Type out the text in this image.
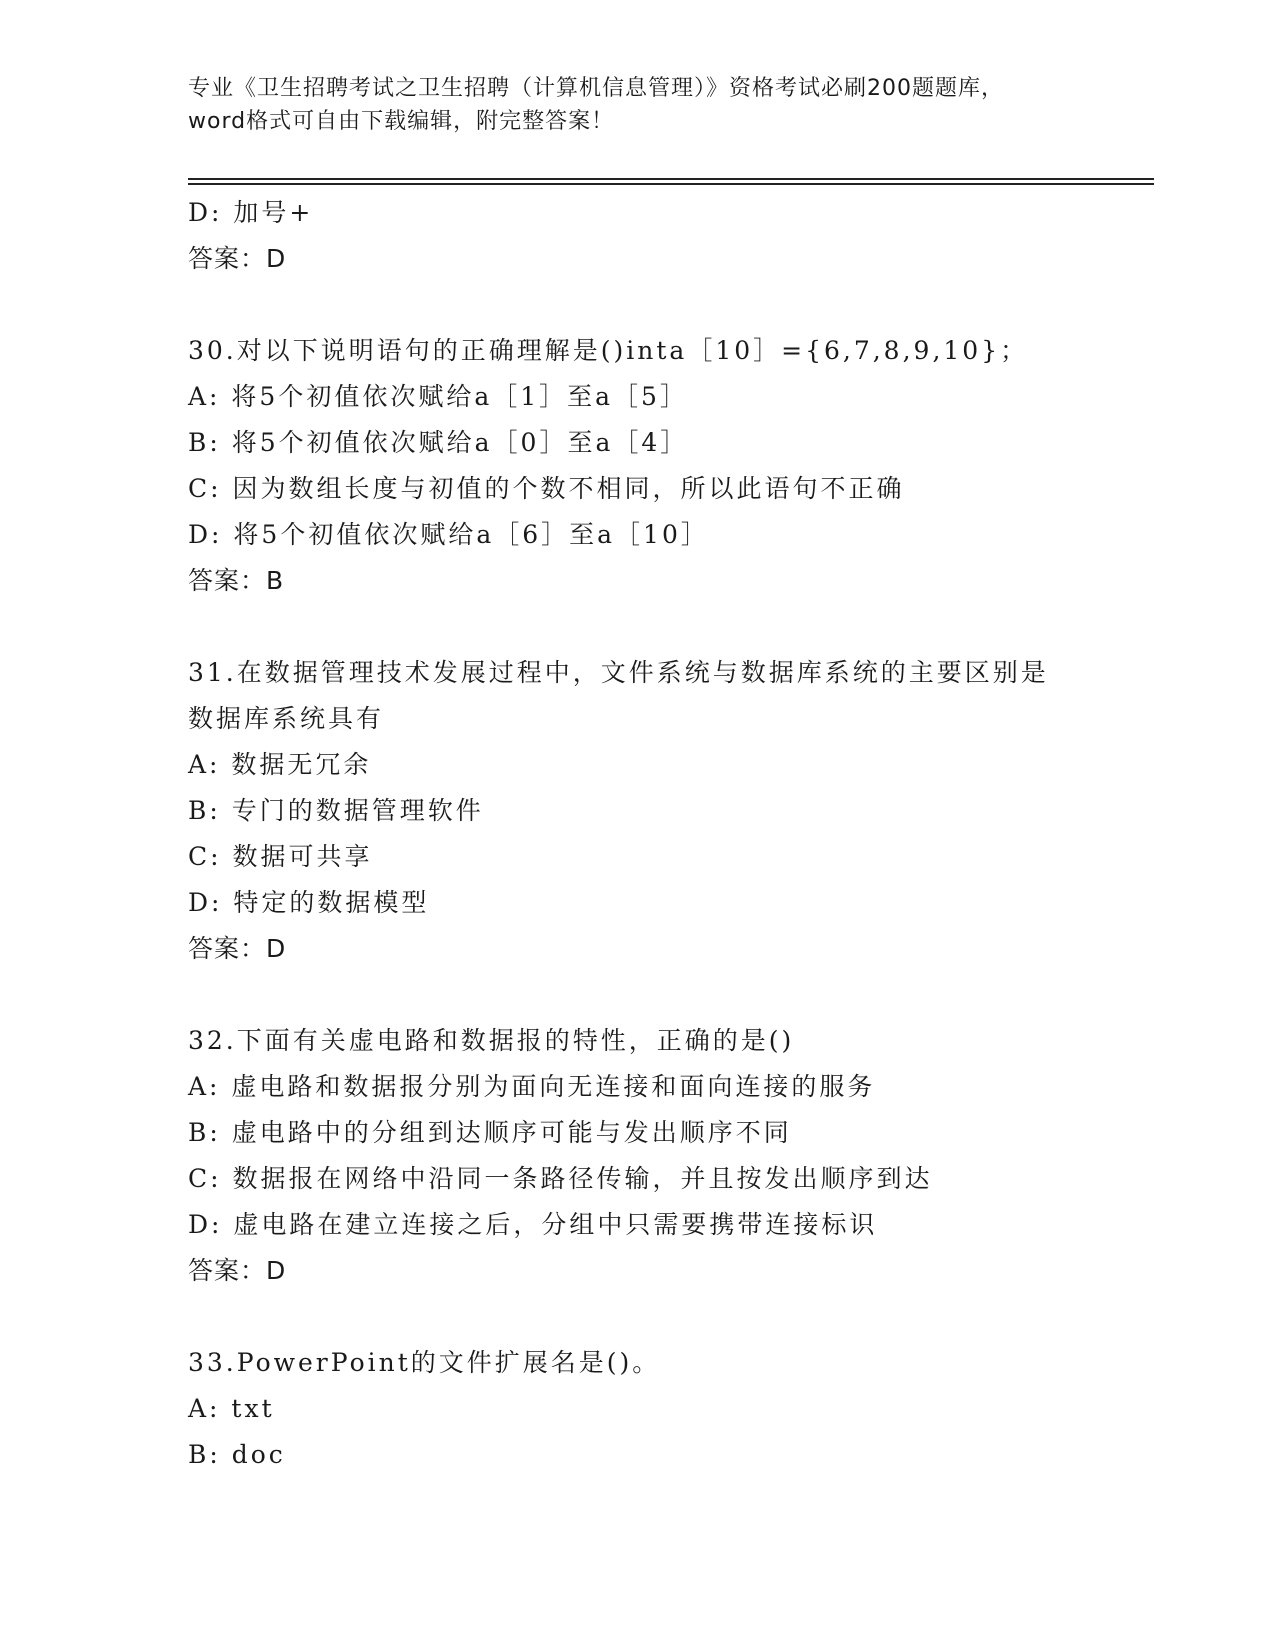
专业《卫生招聘考试之卫生招聘（计算机信息管理）》资格考试必刷200题题库，
word格式可自由下载编辑，附完整答案！
D: 加号+
答案：D
30.对以下说明语句的正确理解是()inta［10］={6,7,8,9,10}；
A: 将5个初值依次赋给a［1］至a［5］
B: 将5个初值依次赋给a［0］至a［4］
C: 因为数组长度与初值的个数不相同，所以此语句不正确
D: 将5个初值依次赋给a［6］至a［10］
答案：B
31.在数据管理技术发展过程中，文件系统与数据库系统的主要区别是
数据库系统具有
A: 数据无冗余
B: 专门的数据管理软件
C: 数据可共享
D: 特定的数据模型
答案：D
32.下面有关虚电路和数据报的特性，正确的是()
A: 虚电路和数据报分别为面向无连接和面向连接的服务
B: 虚电路中的分组到达顺序可能与发出顺序不同
C: 数据报在网络中沿同一条路径传输，并且按发出顺序到达
D: 虚电路在建立连接之后，分组中只需要携带连接标识
答案：D
33.PowerPoint的文件扩展名是()。
A: txt
B: doc
